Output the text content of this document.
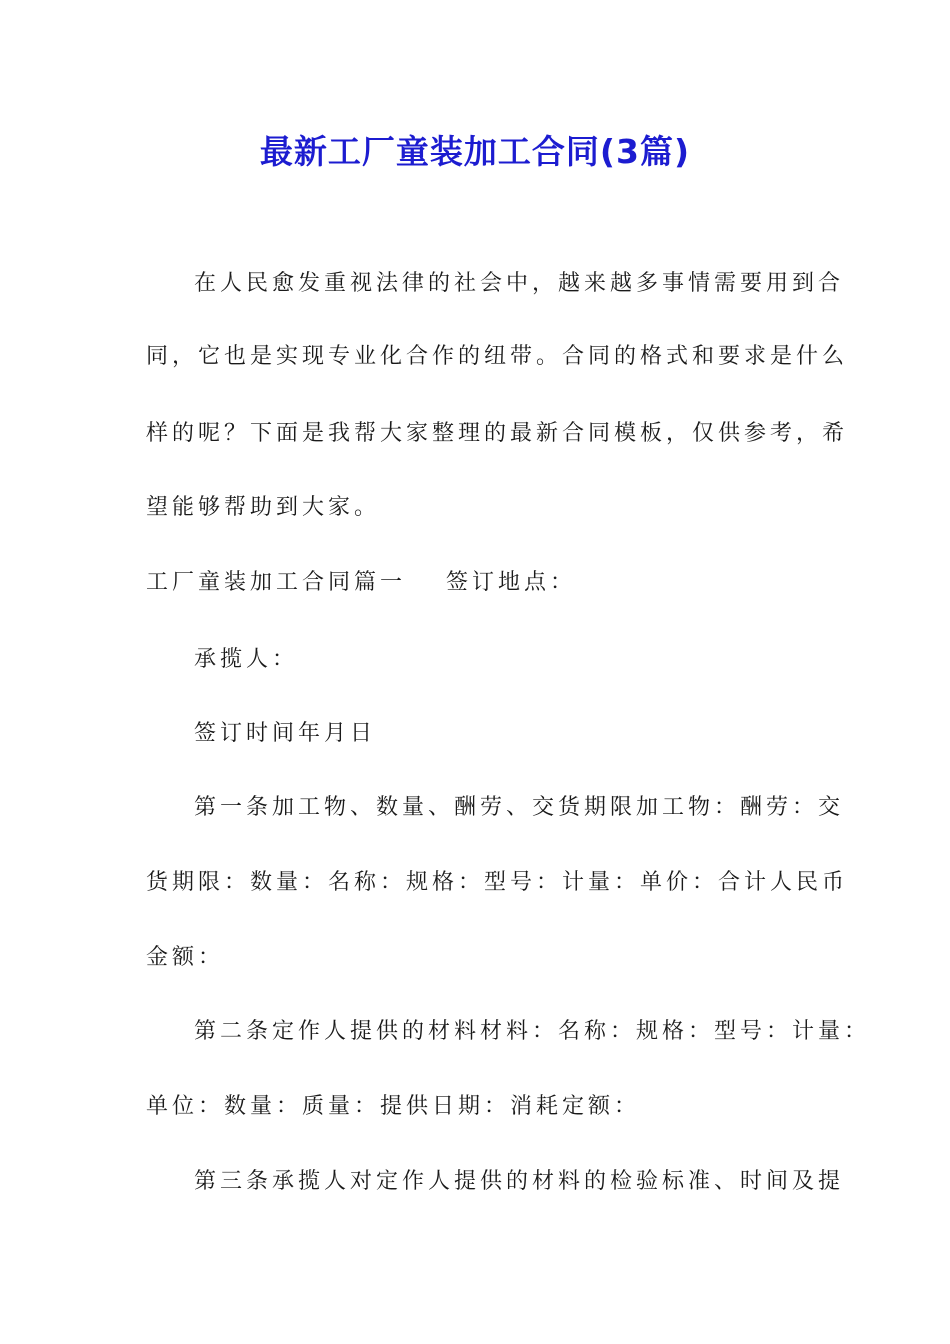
最新工厂童装加工合同(3篇)
在人民愈发重视法律的社会中，越来越多事情需要用到合
同，它也是实现专业化合作的纽带。合同的格式和要求是什么
样的呢？下面是我帮大家整理的最新合同模板，仅供参考，希
望能够帮助到大家。
工厂童装加工合同篇一 签订地点：
承揽人：
签订时间年月日
第一条加工物、数量、酬劳、交货期限加工物：酬劳：交
货期限：数量：名称：规格：型号：计量：单价：合计人民币
金额：
第二条定作人提供的材料材料：名称：规格：型号：计量：
单位：数量：质量：提供日期：消耗定额：
第三条承揽人对定作人提供的材料的检验标准、时间及提
